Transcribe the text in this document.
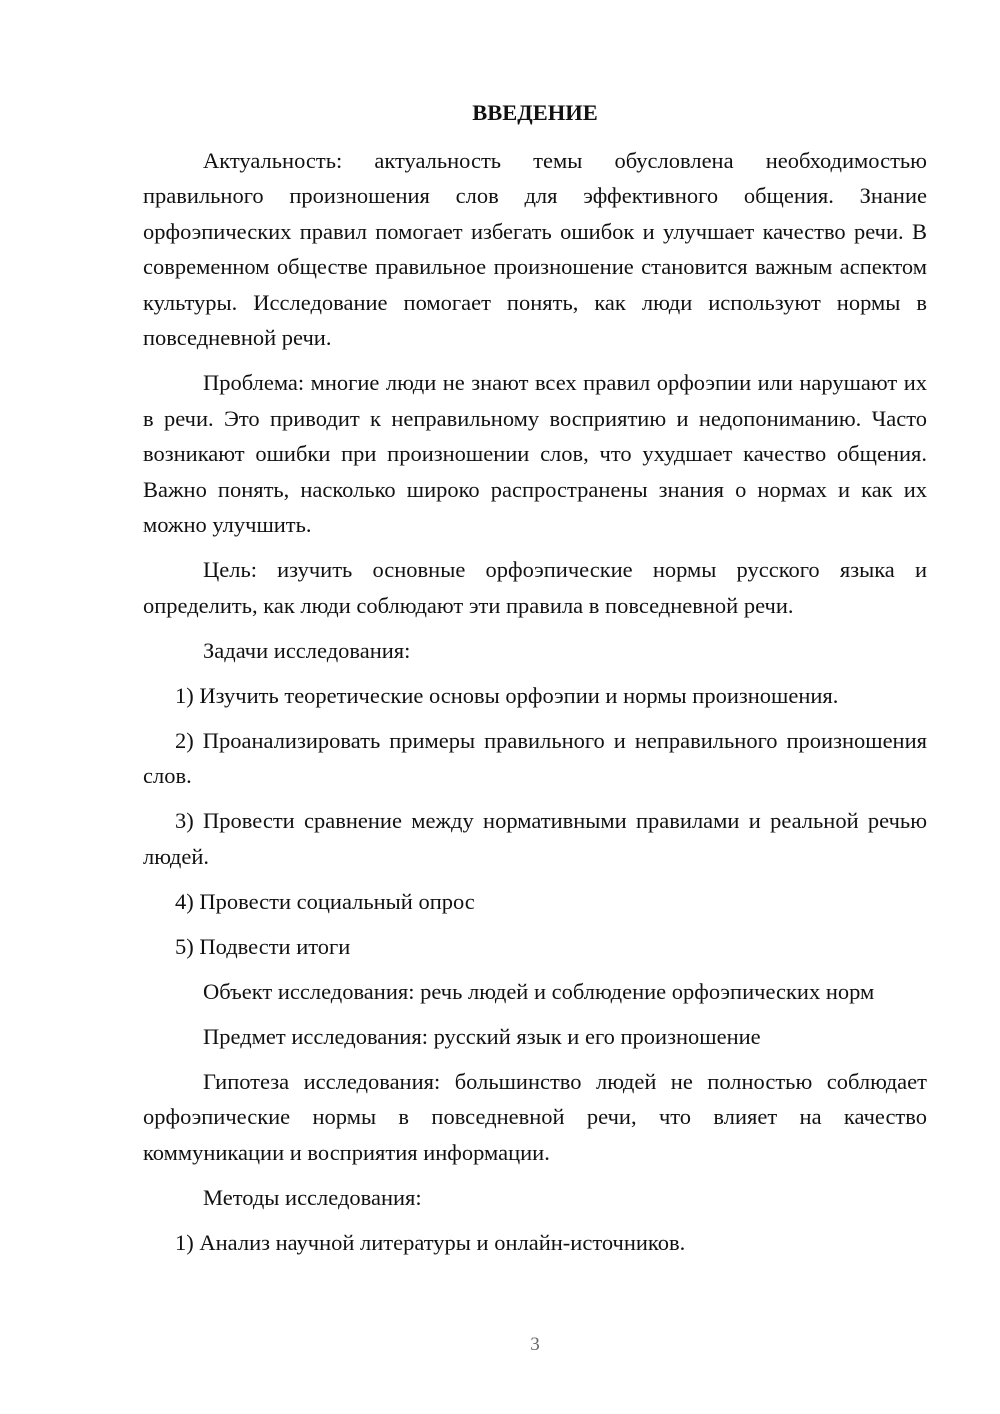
ВВЕДЕНИЕ

Актуальность: актуальность темы обусловлена необходимостью правильного произношения слов для эффективного общения. Знание орфоэпических правил помогает избегать ошибок и улучшает качество речи. В современном обществе правильное произношение становится важным аспектом культуры. Исследование помогает понять, как люди используют нормы в повседневной речи.

Проблема: многие люди не знают всех правил орфоэпии или нарушают их в речи. Это приводит к неправильному восприятию и недопониманию. Часто возникают ошибки при произношении слов, что ухудшает качество общения. Важно понять, насколько широко распространены знания о нормах и как их можно улучшить.

Цель: изучить основные орфоэпические нормы русского языка и определить, как люди соблюдают эти правила в повседневной речи.

Задачи исследования:

1) Изучить теоретические основы орфоэпии и нормы произношения.

2) Проанализировать примеры правильного и неправильного произношения слов.

3) Провести сравнение между нормативными правилами и реальной речью людей.

4) Провести социальный опрос

5) Подвести итоги

Объект исследования: речь людей и соблюдение орфоэпических норм

Предмет исследования: русский язык и его произношение

Гипотеза исследования: большинство людей не полностью соблюдает орфоэпические нормы в повседневной речи, что влияет на качество коммуникации и восприятия информации.

Методы исследования:

1) Анализ научной литературы и онлайн-источников.

3
